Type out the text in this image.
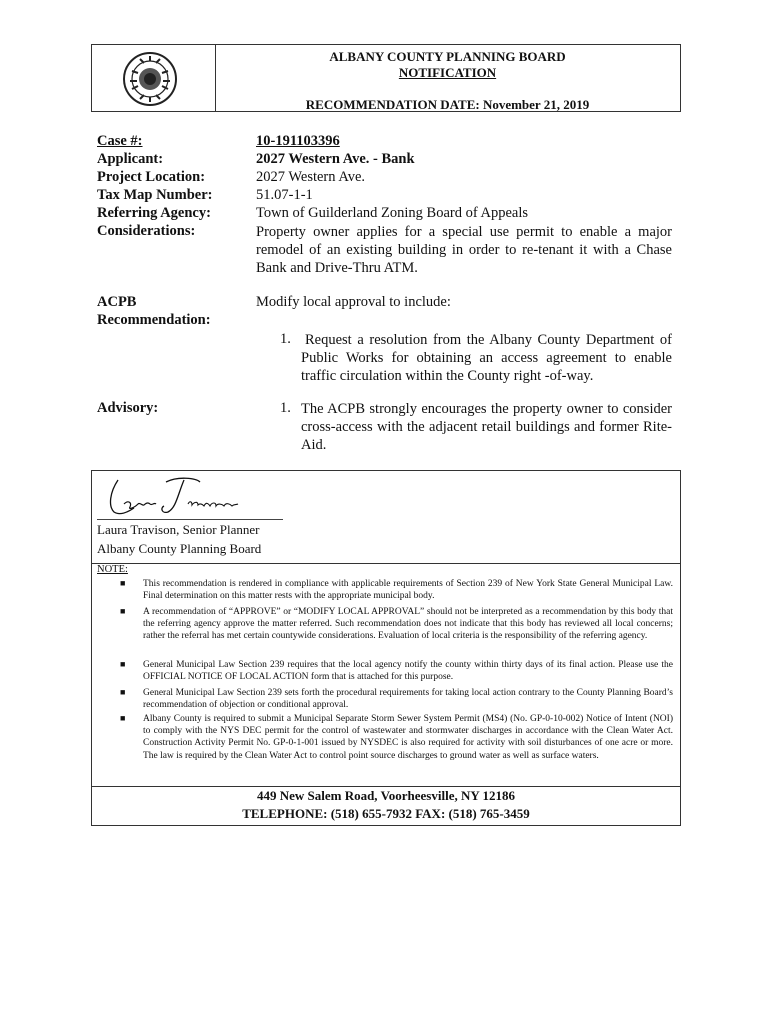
ALBANY COUNTY PLANNING BOARD
NOTIFICATION
RECOMMENDATION DATE: November 21, 2019
Case #:	10-191103396
Applicant:	2027 Western Ave. - Bank
Project Location:	2027 Western Ave.
Tax Map Number:	51.07-1-1
Referring Agency:	Town of Guilderland Zoning Board of Appeals
Considerations:	Property owner applies for a special use permit to enable a major remodel of an existing building in order to re-tenant it with a Chase Bank and Drive-Thru ATM.
ACPB
Recommendation:
Modify local approval to include:
1. Request a resolution from the Albany County Department of Public Works for obtaining an access agreement to enable traffic circulation within the County right -of-way.
Advisory:	1. The ACPB strongly encourages the property owner to consider cross-access with the adjacent retail buildings and former Rite-Aid.
Laura Travison, Senior Planner
Albany County Planning Board
NOTE:
■ This recommendation is rendered in compliance with applicable requirements of Section 239 of New York State General Municipal Law. Final determination on this matter rests with the appropriate municipal body.
■ A recommendation of “APPROVE” or “MODIFY LOCAL APPROVAL” should not be interpreted as a recommendation by this body that the referring agency approve the matter referred. Such recommendation does not indicate that this body has reviewed all local concerns; rather the referral has met certain countywide considerations. Evaluation of local criteria is the responsibility of the referring agency.
■ General Municipal Law Section 239 requires that the local agency notify the county within thirty days of its final action. Please use the OFFICIAL NOTICE OF LOCAL ACTION form that is attached for this purpose.
■ General Municipal Law Section 239 sets forth the procedural requirements for taking local action contrary to the County Planning Board’s recommendation of objection or conditional approval.
■ Albany County is required to submit a Municipal Separate Storm Sewer System Permit (MS4) (No. GP-0-10-002) Notice of Intent (NOI) to comply with the NYS DEC permit for the control of wastewater and stormwater discharges in accordance with the Clean Water Act. Construction Activity Permit No. GP-0-1-001 issued by NYSDEC is also required for activity with soil disturbances of one acre or more. The law is required by the Clean Water Act to control point source discharges to ground water as well as surface waters.
449 New Salem Road, Voorheesville, NY 12186
TELEPHONE: (518) 655-7932 FAX: (518) 765-3459
